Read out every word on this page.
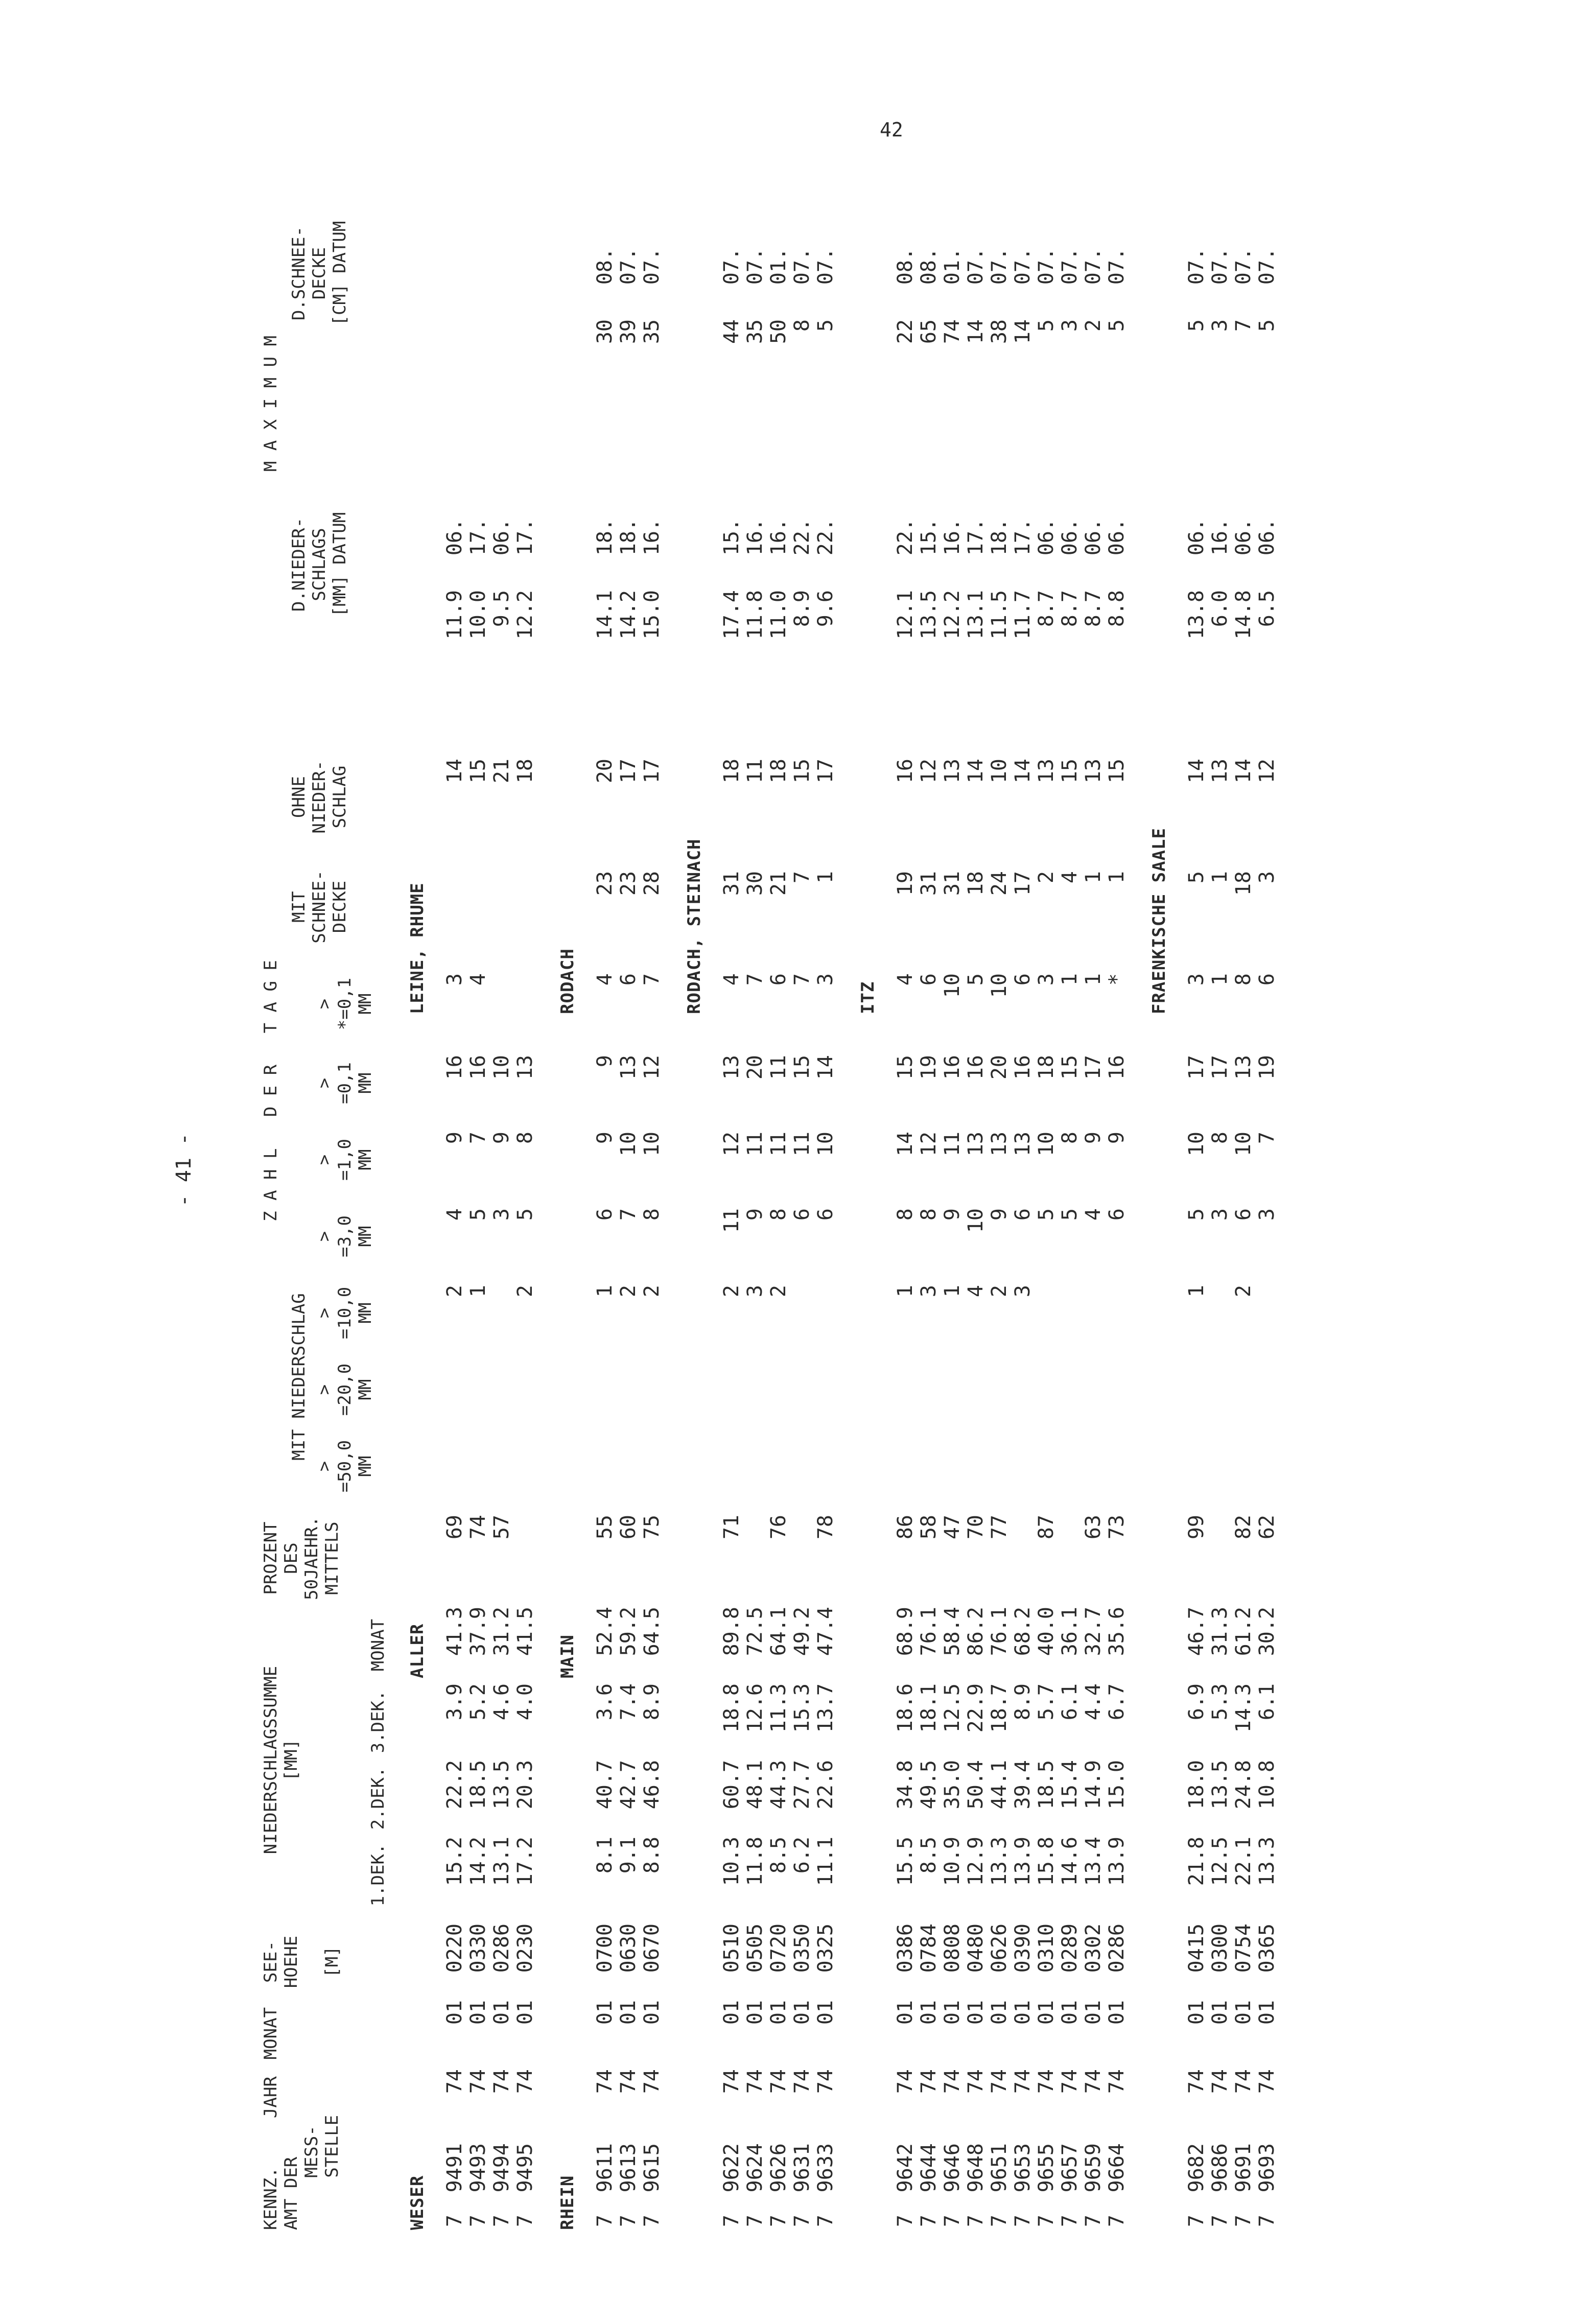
42
- 41 -
KENNZ.
AMT DER
MESS-
STELLE
JAHR
MONAT
SEE-
HOEHE

[M]
NIEDERSCHLAGSSUMME
[MM]
1.DEK.
2.DEK.
3.DEK.
MONAT
PROZENT
DES
50JAEHR.
MITTELS
Z A H L   D E R   T A G E
MIT NIEDERSCHLAG
>
=50,0
MM
>
=20,0
MM
>
=10,0
MM
>
=3,0
MM
>
=1,0
MM
>
=0,1
MM
>
*=0,1
MM
MIT
SCHNEE-
DECKE
OHNE
NIEDER-
SCHLAG
M A X I M U M
D.NIEDER-
SCHLAGS
[MM] DATUM
D.SCHNEE-
DECKE
[CM] DATUM
WESER
ALLER
LEINE, RHUME
7
9491
74
01
0220
15.2
22.2
3.9
41.3
69
2
4
9
16
3
14
11.9
06.
7
9493
74
01
0330
14.2
18.5
5.2
37.9
74
1
5
7
16
4
15
10.0
17.
7
9494
74
01
0286
13.1
13.5
4.6
31.2
57
3
9
10
21
9.5
06.
7
9495
74
01
0230
17.2
20.3
4.0
41.5
2
5
8
13
18
12.2
17.
RHEIN
MAIN
RODACH
7
9611
74
01
0700
8.1
40.7
3.6
52.4
55
1
6
9
9
4
23
20
14.1
18.
30
08.
7
9613
74
01
0630
9.1
42.7
7.4
59.2
60
2
7
10
13
6
23
17
14.2
18.
39
07.
7
9615
74
01
0670
8.8
46.8
8.9
64.5
75
2
8
10
12
7
28
17
15.0
16.
35
07.
RODACH, STEINACH
7
9622
74
01
0510
10.3
60.7
18.8
89.8
71
2
11
12
13
4
31
18
17.4
15.
44
07.
7
9624
74
01
0505
11.8
48.1
12.6
72.5
3
9
11
20
7
30
11
11.8
16.
35
07.
7
9626
74
01
0720
8.5
44.3
11.3
64.1
76
2
8
11
11
6
21
18
11.0
16.
50
01.
7
9631
74
01
0350
6.2
27.7
15.3
49.2
6
11
15
7
7
15
8.9
22.
8
07.
7
9633
74
01
0325
11.1
22.6
13.7
47.4
78
6
10
14
3
1
17
9.6
22.
5
07.
ITZ
7
9642
74
01
0386
15.5
34.8
18.6
68.9
86
1
8
14
15
4
19
16
12.1
22.
22
08.
7
9644
74
01
0784
8.5
49.5
18.1
76.1
58
3
8
12
19
6
31
12
13.5
15.
65
08.
7
9646
74
01
0808
10.9
35.0
12.5
58.4
47
1
9
11
16
10
31
13
12.2
16.
74
01.
7
9648
74
01
0480
12.9
50.4
22.9
86.2
70
4
10
13
16
5
18
14
13.1
17.
14
07.
7
9651
74
01
0626
13.3
44.1
18.7
76.1
77
2
9
13
20
10
24
10
11.5
18.
38
07.
7
9653
74
01
0390
13.9
39.4
8.9
68.2
3
6
13
16
6
17
14
11.7
17.
14
07.
7
9655
74
01
0310
15.8
18.5
5.7
40.0
87
5
10
18
3
2
13
8.7
06.
5
07.
7
9657
74
01
0289
14.6
15.4
6.1
36.1
5
8
15
1
4
15
8.7
06.
3
07.
7
9659
74
01
0302
13.4
14.9
4.4
32.7
63
4
9
17
1
1
13
8.7
06.
2
07.
7
9664
74
01
0286
13.9
15.0
6.7
35.6
73
6
9
16
*
1
15
8.8
06.
5
07.
FRAENKISCHE SAALE
7
9682
74
01
0415
21.8
18.0
6.9
46.7
99
1
5
10
17
3
5
14
13.8
06.
5
07.
7
9686
74
01
0300
12.5
13.5
5.3
31.3
3
8
17
1
1
13
6.0
16.
3
07.
7
9691
74
01
0754
22.1
24.8
14.3
61.2
82
2
6
10
13
8
18
14
14.8
06.
7
07.
7
9693
74
01
0365
13.3
10.8
6.1
30.2
62
3
7
19
6
3
12
6.5
06.
5
07.
